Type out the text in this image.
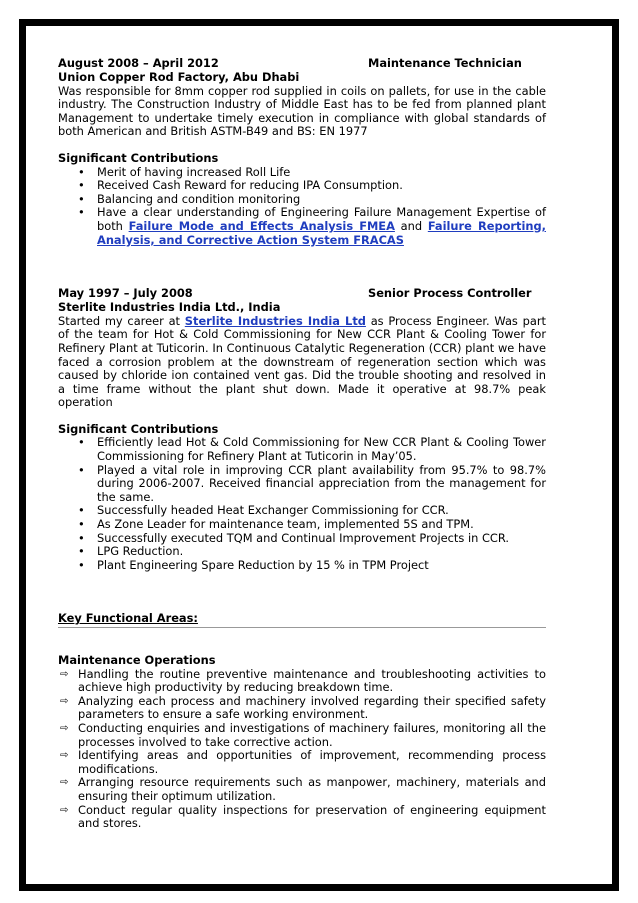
August 2008 – April 2012	Maintenance Technician
Union Copper Rod Factory, Abu Dhabi

Was responsible for 8mm copper rod supplied in coils on pallets, for use in the cable industry. The Construction Industry of Middle East has to be fed from planned plant Management to undertake timely execution in compliance with global standards of both American and British ASTM-B49 and BS: EN 1977

Significant Contributions
• Merit of having increased Roll Life
• Received Cash Reward for reducing IPA Consumption.
• Balancing and condition monitoring
• Have a clear understanding of Engineering Failure Management Expertise of both Failure Mode and Effects Analysis FMEA and Failure Reporting, Analysis, and Corrective Action System FRACAS
May 1997 – July 2008	Senior Process Controller
Sterlite Industries India Ltd., India

Started my career at Sterlite Industries India Ltd as Process Engineer. Was part of the team for Hot & Cold Commissioning for New CCR Plant & Cooling Tower for Refinery Plant at Tuticorin. In Continuous Catalytic Regeneration (CCR) plant we have faced a corrosion problem at the downstream of regeneration section which was caused by chloride ion contained vent gas. Did the trouble shooting and resolved in a time frame without the plant shut down. Made it operative at 98.7% peak operation

Significant Contributions
• Efficiently lead Hot & Cold Commissioning for New CCR Plant & Cooling Tower Commissioning for Refinery Plant at Tuticorin in May’05.
• Played a vital role in improving CCR plant availability from 95.7% to 98.7% during 2006-2007. Received financial appreciation from the management for the same.
• Successfully headed Heat Exchanger Commissioning for CCR.
• As Zone Leader for maintenance team, implemented 5S and TPM.
• Successfully executed TQM and Continual Improvement Projects in CCR.
• LPG Reduction.
• Plant Engineering Spare Reduction by 15 % in TPM Project
Key Functional Areas:
Maintenance Operations
⇨ Handling the routine preventive maintenance and troubleshooting activities to achieve high productivity by reducing breakdown time.
⇨ Analyzing each process and machinery involved regarding their specified safety parameters to ensure a safe working environment.
⇨ Conducting enquiries and investigations of machinery failures, monitoring all the processes involved to take corrective action.
⇨ Identifying areas and opportunities of improvement, recommending process modifications.
⇨ Arranging resource requirements such as manpower, machinery, materials and ensuring their optimum utilization.
⇨ Conduct regular quality inspections for preservation of engineering equipment and stores.
